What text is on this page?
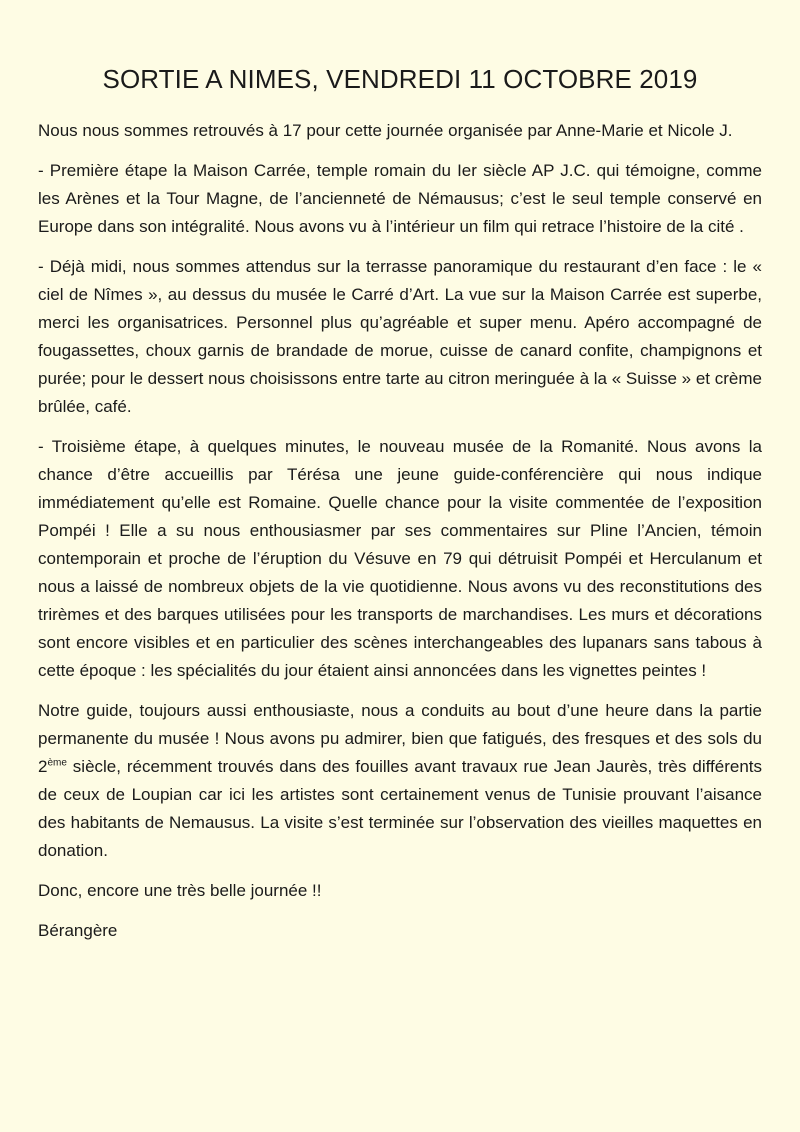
SORTIE A NIMES, VENDREDI 11 OCTOBRE 2019

Nous nous sommes retrouvés à 17 pour cette journée organisée par Anne-Marie et Nicole J.

- Première étape la Maison Carrée, temple romain du Ier siècle AP J.C. qui témoigne, comme les Arènes et la Tour Magne, de l’ancienneté de Némausus; c’est le seul temple conservé en Europe dans son intégralité. Nous avons vu à l’intérieur un film qui retrace l’histoire de la cité .

- Déjà midi, nous sommes attendus sur la terrasse panoramique du restaurant d’en face : le « ciel de Nîmes », au dessus du musée le Carré d’Art. La vue sur la Maison Carrée est superbe, merci les organisatrices. Personnel plus qu’agréable et super menu. Apéro accompagné de fougassettes, choux garnis de brandade de morue, cuisse de canard confite, champignons et purée; pour le dessert nous choisissons entre tarte au citron meringuée à la « Suisse » et crème brûlée, café.

- Troisième étape, à quelques minutes, le nouveau musée de la Romanité. Nous avons la chance d’être accueillis par Térésa une jeune guide-conférencière qui nous indique immédiatement qu’elle est Romaine. Quelle chance pour la visite commentée de l’exposition Pompéi ! Elle a su nous enthousiasmer par ses commentaires sur Pline l’Ancien, témoin contemporain et proche de l’éruption du Vésuve en 79 qui détruisit Pompéi et Herculanum et nous a laissé de nombreux objets de la vie quotidienne. Nous avons vu des reconstitutions des trirèmes et des barques utilisées pour les transports de marchandises. Les murs et décorations sont encore visibles et en particulier des scènes interchangeables des lupanars sans tabous à cette époque : les spécialités du jour étaient ainsi annoncées dans les vignettes peintes !

Notre guide, toujours aussi enthousiaste, nous a conduits au bout d’une heure dans la partie permanente du musée ! Nous avons pu admirer, bien que fatigués, des fresques et des sols du 2ème siècle, récemment trouvés dans des fouilles avant travaux rue Jean Jaurès, très différents de ceux de Loupian car ici les artistes sont certainement venus de Tunisie prouvant l’aisance des habitants de Nemausus. La visite s’est terminée sur l’observation des vieilles maquettes en donation.

Donc, encore une très belle journée !!

Bérangère
